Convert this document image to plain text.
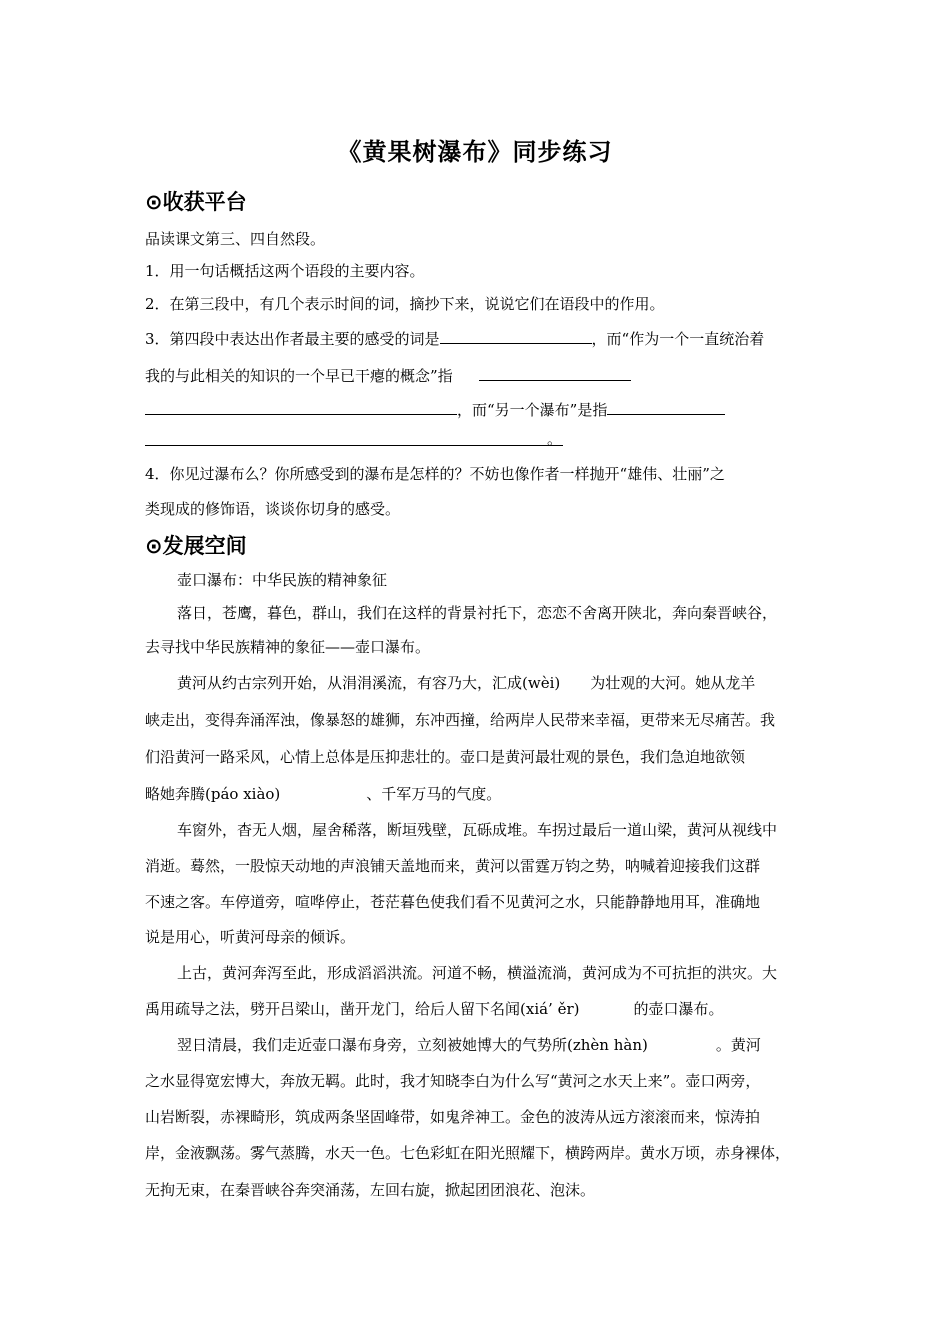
《黄果树瀑布》同步练习
⊙收获平台
品读课文第三、四自然段。
1．用一句话概括这两个语段的主要内容。
2．在第三段中，有几个表示时间的词，摘抄下来，说说它们在语段中的作用。
3．第四段中表达出作者最主要的感受的词是	，而“作为一个一直统治着
我的与此相关的知识的一个早已干瘪的概念”指
，而“另一个瀑布”是指
。
4．你见过瀑布么？你所感受到的瀑布是怎样的？不妨也像作者一样抛开“雄伟、壮丽”之
类现成的修饰语，谈谈你切身的感受。
⊙发展空间
壶口瀑布：中华民族的精神象征
落日，苍鹰，暮色，群山，我们在这样的背景衬托下，恋恋不舍离开陕北，奔向秦晋峡谷，
去寻找中华民族精神的象征——壶口瀑布。
黄河从约古宗列开始，从涓涓溪流，有容乃大，汇成(wèi) 为壮观的大河。她从龙羊
峡走出，变得奔涌浑浊，像暴怒的雄狮，东冲西撞，给两岸人民带来幸福，更带来无尽痛苦。我
们沿黄河一路采风，心情上总体是压抑悲壮的。壶口是黄河最壮观的景色，我们急迫地欲领
略她奔腾(páo xiào)	、千军万马的气度。
车窗外，杳无人烟，屋舍稀落，断垣残壁，瓦砾成堆。车拐过最后一道山梁，黄河从视线中
消逝。蓦然，一股惊天动地的声浪铺天盖地而来，黄河以雷霆万钧之势，呐喊着迎接我们这群
不速之客。车停道旁，喧哗停止，苍茫暮色使我们看不见黄河之水，只能静静地用耳，准确地
说是用心，听黄河母亲的倾诉。
上古，黄河奔泻至此，形成滔滔洪流。河道不畅，横溢流淌，黄河成为不可抗拒的洪灾。大
禹用疏导之法，劈开吕梁山，凿开龙门，给后人留下名闻(xiá’ ěr)	的壶口瀑布。
翌日清晨，我们走近壶口瀑布身旁，立刻被她博大的气势所(zhèn hàn)	。黄河
之水显得宽宏博大，奔放无羁。此时，我才知晓李白为什么写“黄河之水天上来”。壶口两旁，
山岩断裂，赤裸畸形，筑成两条坚固峰带，如鬼斧神工。金色的波涛从远方滚滚而来，惊涛拍
岸，金液飘荡。雾气蒸腾，水天一色。七色彩虹在阳光照耀下，横跨两岸。黄水万顷，赤身裸体，
无拘无束，在秦晋峡谷奔突涌荡，左回右旋，掀起团团浪花、泡沫。
